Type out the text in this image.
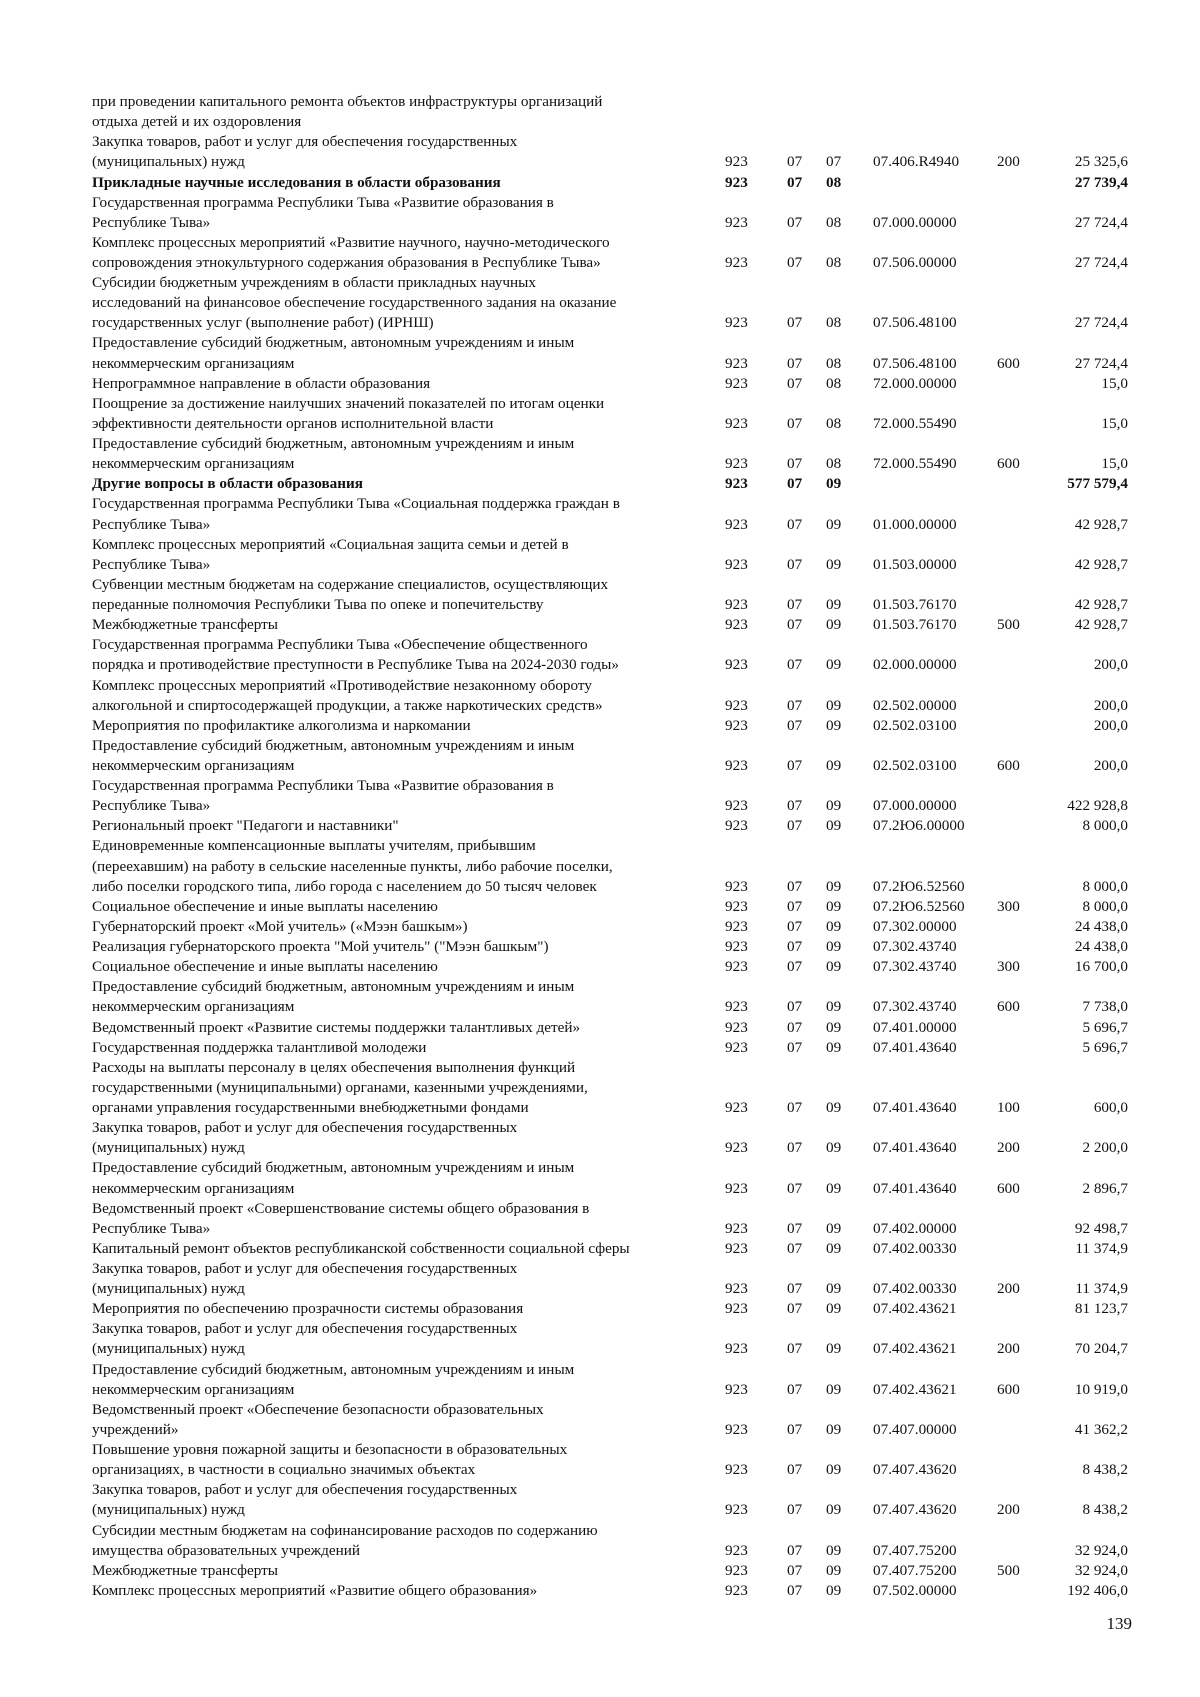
при проведении капитального ремонта объектов инфраструктуры организаций
отдыха детей и их оздоровления
Закупка товаров, работ и услуг для обеспечения государственных
(муниципальных) нужд	923	07 07 07.406.R4940 200	25 325,6
Прикладные научные исследования в области образования	923	07 08	27 739,4
Государственная программа Республики Тыва «Развитие образования в
Республике Тыва»	923	07 08 07.000.00000	27 724,4
Комплекс процессных мероприятий «Развитие научного, научно-методического
сопровождения этнокультурного содержания образования в Республике Тыва»	923	07 08 07.506.00000	27 724,4
Субсидии бюджетным учреждениям в области прикладных научных
исследований на финансовое обеспечение государственного задания на оказание
государственных услуг (выполнение работ) (ИРНШ)	923	07 08 07.506.48100	27 724,4
Предоставление субсидий бюджетным, автономным учреждениям и иным
некоммерческим организациям	923	07 08 07.506.48100	600	27 724,4
Непрограммное направление в области образования	923	07 08 72.000.00000	15,0
Поощрение за достижение наилучших значений показателей по итогам оценки
эффективности деятельности органов исполнительной власти	923	07 08 72.000.55490	15,0
Предоставление субсидий бюджетным, автономным учреждениям и иным
некоммерческим организациям	923	07 08 72.000.55490	600	15,0
Другие вопросы в области образования	923	07 09	577 579,4
Государственная программа Республики Тыва «Социальная поддержка граждан в
Республике Тыва»	923	07 09 01.000.00000	42 928,7
Комплекс процессных мероприятий «Социальная защита семьи и детей в
Республике Тыва»	923	07 09 01.503.00000	42 928,7
Субвенции местным бюджетам на содержание специалистов, осуществляющих
переданные полномочия Республики Тыва по опеке и попечительству	923	07 09 01.503.76170	42 928,7
Межбюджетные трансферты	923	07 09 01.503.76170	500	42 928,7
Государственная программа Республики Тыва «Обеспечение общественного
порядка и противодействие преступности в Республике Тыва на 2024-2030 годы»	923	07 09 02.000.00000	200,0
Комплекс процессных мероприятий «Противодействие незаконному обороту
алкогольной и спиртосодержащей продукции, а также наркотических средств»	923	07 09 02.502.00000	200,0
Мероприятия по профилактике алкоголизма и наркомании	923	07 09 02.502.03100	200,0
Предоставление субсидий бюджетным, автономным учреждениям и иным
некоммерческим организациям	923	07 09 02.502.03100	600	200,0
Государственная программа Республики Тыва «Развитие образования в
Республике Тыва»	923	07 09 07.000.00000	422 928,8
Региональный проект "Педагоги и наставники"	923	07 09 07.2Ю6.00000	8 000,0
Единовременные компенсационные выплаты учителям, прибывшим
(переехавшим) на работу в сельские населенные пункты, либо рабочие поселки,
либо поселки городского типа, либо города с населением до 50 тысяч человек	923	07 09 07.2Ю6.52560	8 000,0
Социальное обеспечение и иные выплаты населению	923	07 09 07.2Ю6.52560 300	8 000,0
Губернаторский проект «Мой учитель» («Мээн башкым»)	923	07 09 07.302.00000	24 438,0
Реализация губернаторского проекта "Мой учитель" ("Мээн башкым")	923	07 09 07.302.43740	24 438,0
Социальное обеспечение и иные выплаты населению	923	07 09 07.302.43740	300	16 700,0
Предоставление субсидий бюджетным, автономным учреждениям и иным
некоммерческим организациям	923	07 09 07.302.43740	600	7 738,0
Ведомственный проект «Развитие системы поддержки талантливых детей»	923	07 09 07.401.00000	5 696,7
Государственная поддержка талантливой молодежи	923	07 09 07.401.43640	5 696,7
Расходы на выплаты персоналу в целях обеспечения выполнения функций
государственными (муниципальными) органами, казенными учреждениями,
органами управления государственными внебюджетными фондами	923	07 09 07.401.43640	100	600,0
Закупка товаров, работ и услуг для обеспечения государственных
(муниципальных) нужд	923	07 09 07.401.43640	200	2 200,0
Предоставление субсидий бюджетным, автономным учреждениям и иным
некоммерческим организациям	923	07 09 07.401.43640	600	2 896,7
Ведомственный проект «Совершенствование системы общего образования в
Республике Тыва»	923	07 09 07.402.00000	92 498,7
Капитальный ремонт объектов республиканской собственности социальной сферы	923	07 09 07.402.00330	11 374,9
Закупка товаров, работ и услуг для обеспечения государственных
(муниципальных) нужд	923	07 09 07.402.00330	200	11 374,9
Мероприятия по обеспечению прозрачности системы образования	923	07 09 07.402.43621	81 123,7
Закупка товаров, работ и услуг для обеспечения государственных
(муниципальных) нужд	923	07 09 07.402.43621	200	70 204,7
Предоставление субсидий бюджетным, автономным учреждениям и иным
некоммерческим организациям	923	07 09 07.402.43621	600	10 919,0
Ведомственный проект «Обеспечение безопасности образовательных
учреждений»	923	07 09 07.407.00000	41 362,2
Повышение уровня пожарной защиты и безопасности в образовательных
организациях, в частности в социально значимых объектах	923	07 09 07.407.43620	8 438,2
Закупка товаров, работ и услуг для обеспечения государственных
(муниципальных) нужд	923	07 09 07.407.43620	200	8 438,2
Субсидии местным бюджетам на софинансирование расходов по содержанию
имущества образовательных учреждений	923	07 09 07.407.75200	32 924,0
Межбюджетные трансферты	923	07 09 07.407.75200	500	32 924,0
Комплекс процессных мероприятий «Развитие общего образования»	923	07 09 07.502.00000	192 406,0
139
